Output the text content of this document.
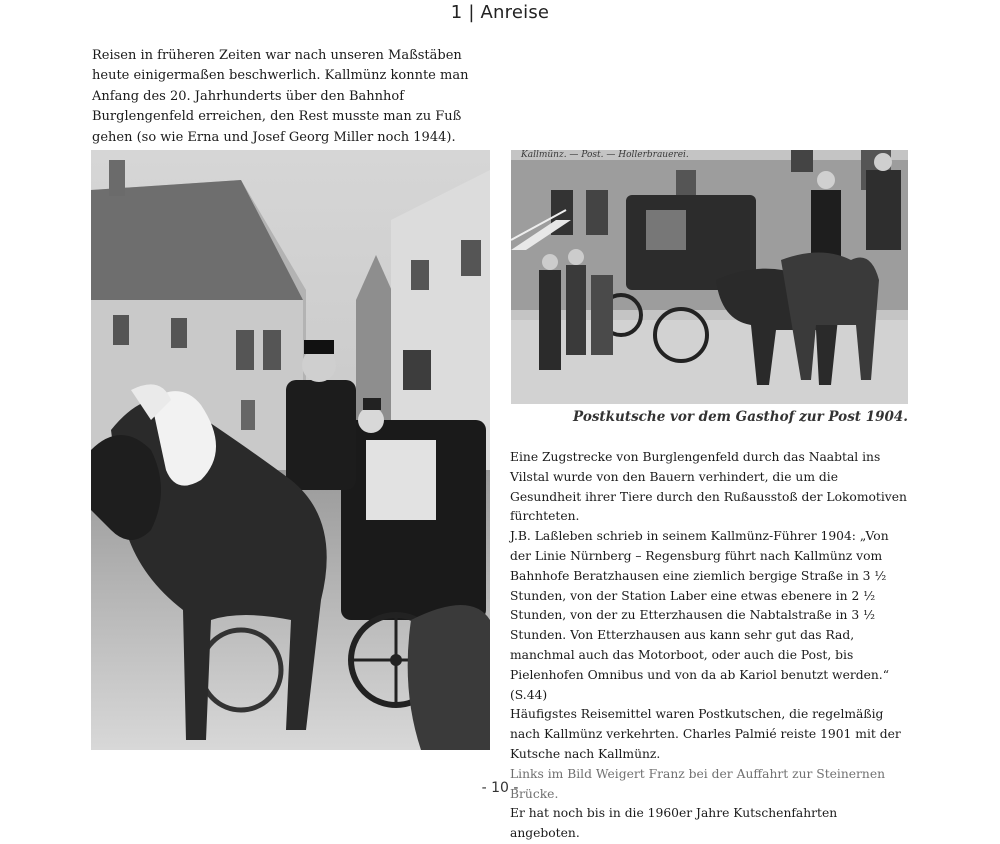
1 | Anreise
Reisen in früheren Zeiten war nach unseren Maßstäben heute einigermaßen beschwerlich. Kallmünz konnte man Anfang des 20. Jahrhunderts über den Bahnhof Burglengenfeld erreichen, den Rest musste man zu Fuß gehen (so wie Erna und Josef Georg Miller noch 1944).
Kallmünz. — Post. — Hollerbrauerei.
Postkutsche vor dem Gasthof zur Post 1904.

Eine Zugstrecke von Burglengenfeld durch das Naabtal ins Vilstal wurde von den Bauern verhindert, die um die Gesundheit ihrer Tiere durch den Rußausstoß der Lokomotiven fürchteten.

J.B. Laßleben schrieb in seinem Kallmünz-Führer 1904: „Von der Linie Nürnberg – Regensburg führt nach Kallmünz vom Bahnhofe Beratzhausen eine ziemlich bergige Straße in 3 ½ Stunden, von der Station Laber eine etwas ebenere in 2 ½ Stunden, von der zu Etterzhausen die Nabtalstraße in 3 ½ Stunden. Von Etterzhausen aus kann sehr gut das Rad, manchmal auch das Motorboot, oder auch die Post, bis Pielenhofen Omnibus und von da ab Kariol benutzt werden.“ (S.44)

Häufigstes Reisemittel waren Postkutschen, die regelmäßig nach Kallmünz verkehrten. Charles Palmié reiste 1901 mit der Kutsche nach Kallmünz.

Links im Bild Weigert Franz bei der Auffahrt zur Steinernen Brücke.

Er hat noch bis in die 1960er Jahre Kutschenfahrten angeboten.

- 10 -
